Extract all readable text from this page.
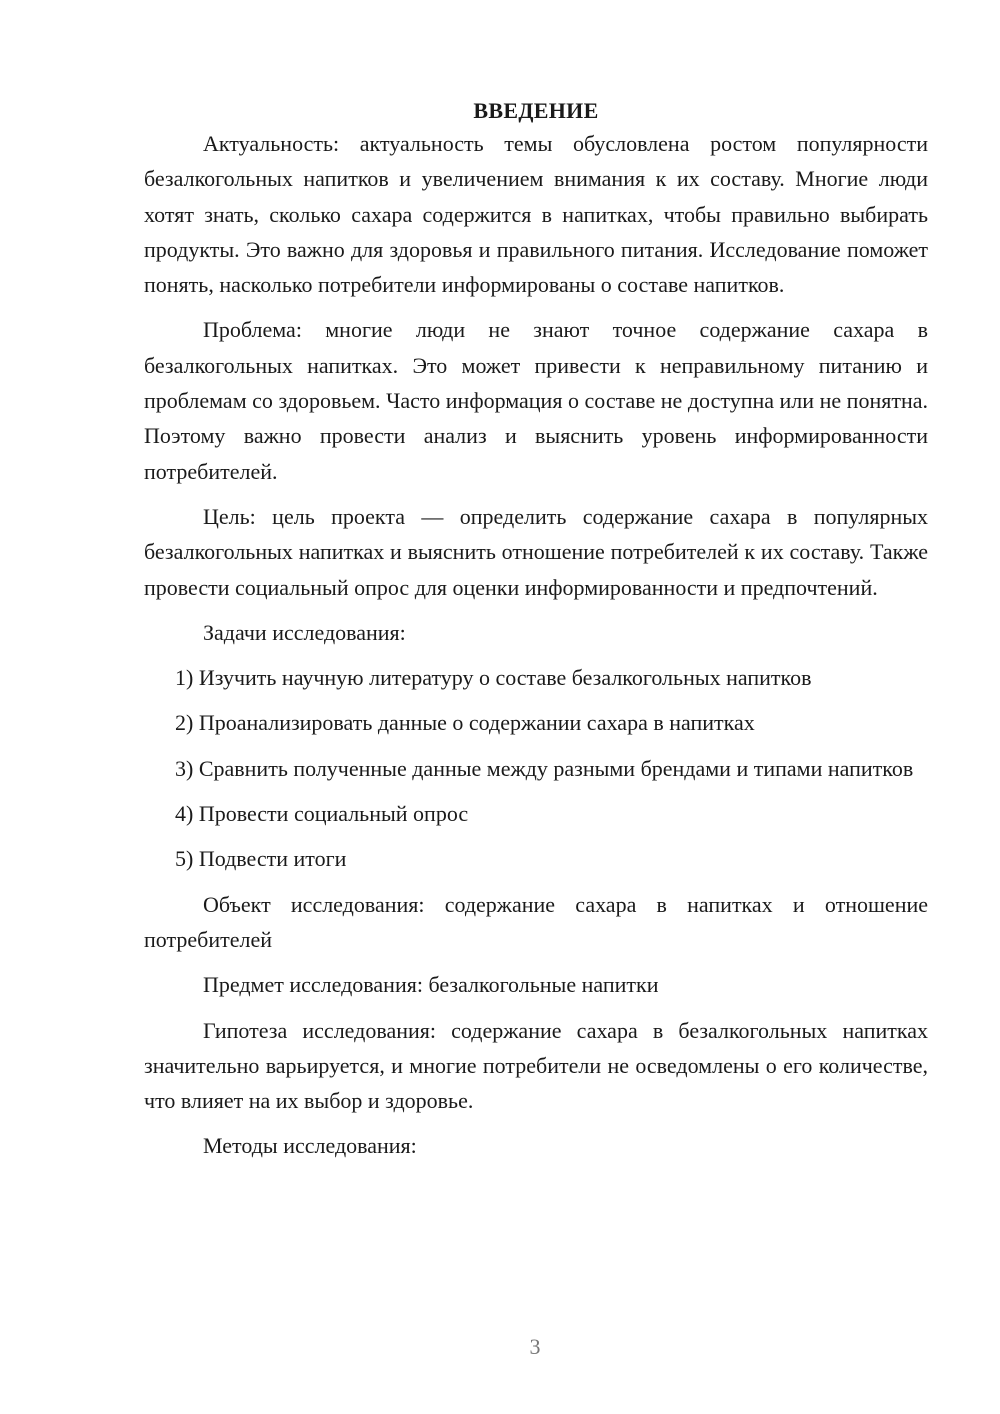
ВВЕДЕНИЕ

Актуальность: актуальность темы обусловлена ростом популярности безалкогольных напитков и увеличением внимания к их составу. Многие люди хотят знать, сколько сахара содержится в напитках, чтобы правильно выбирать продукты. Это важно для здоровья и правильного питания. Исследование поможет понять, насколько потребители информированы о составе напитков.

Проблема: многие люди не знают точное содержание сахара в безалкогольных напитках. Это может привести к неправильному питанию и проблемам со здоровьем. Часто информация о составе не доступна или не понятна. Поэтому важно провести анализ и выяснить уровень информированности потребителей.

Цель: цель проекта — определить содержание сахара в популярных безалкогольных напитках и выяснить отношение потребителей к их составу. Также провести социальный опрос для оценки информированности и предпочтений.

Задачи исследования:

1) Изучить научную литературу о составе безалкогольных напитков

2) Проанализировать данные о содержании сахара в напитках

3) Сравнить полученные данные между разными брендами и типами напитков

4) Провести социальный опрос

5) Подвести итоги

Объект исследования: содержание сахара в напитках и отношение потребителей

Предмет исследования: безалкогольные напитки

Гипотеза исследования: содержание сахара в безалкогольных напитках значительно варьируется, и многие потребители не осведомлены о его количестве, что влияет на их выбор и здоровье.

Методы исследования:

3
